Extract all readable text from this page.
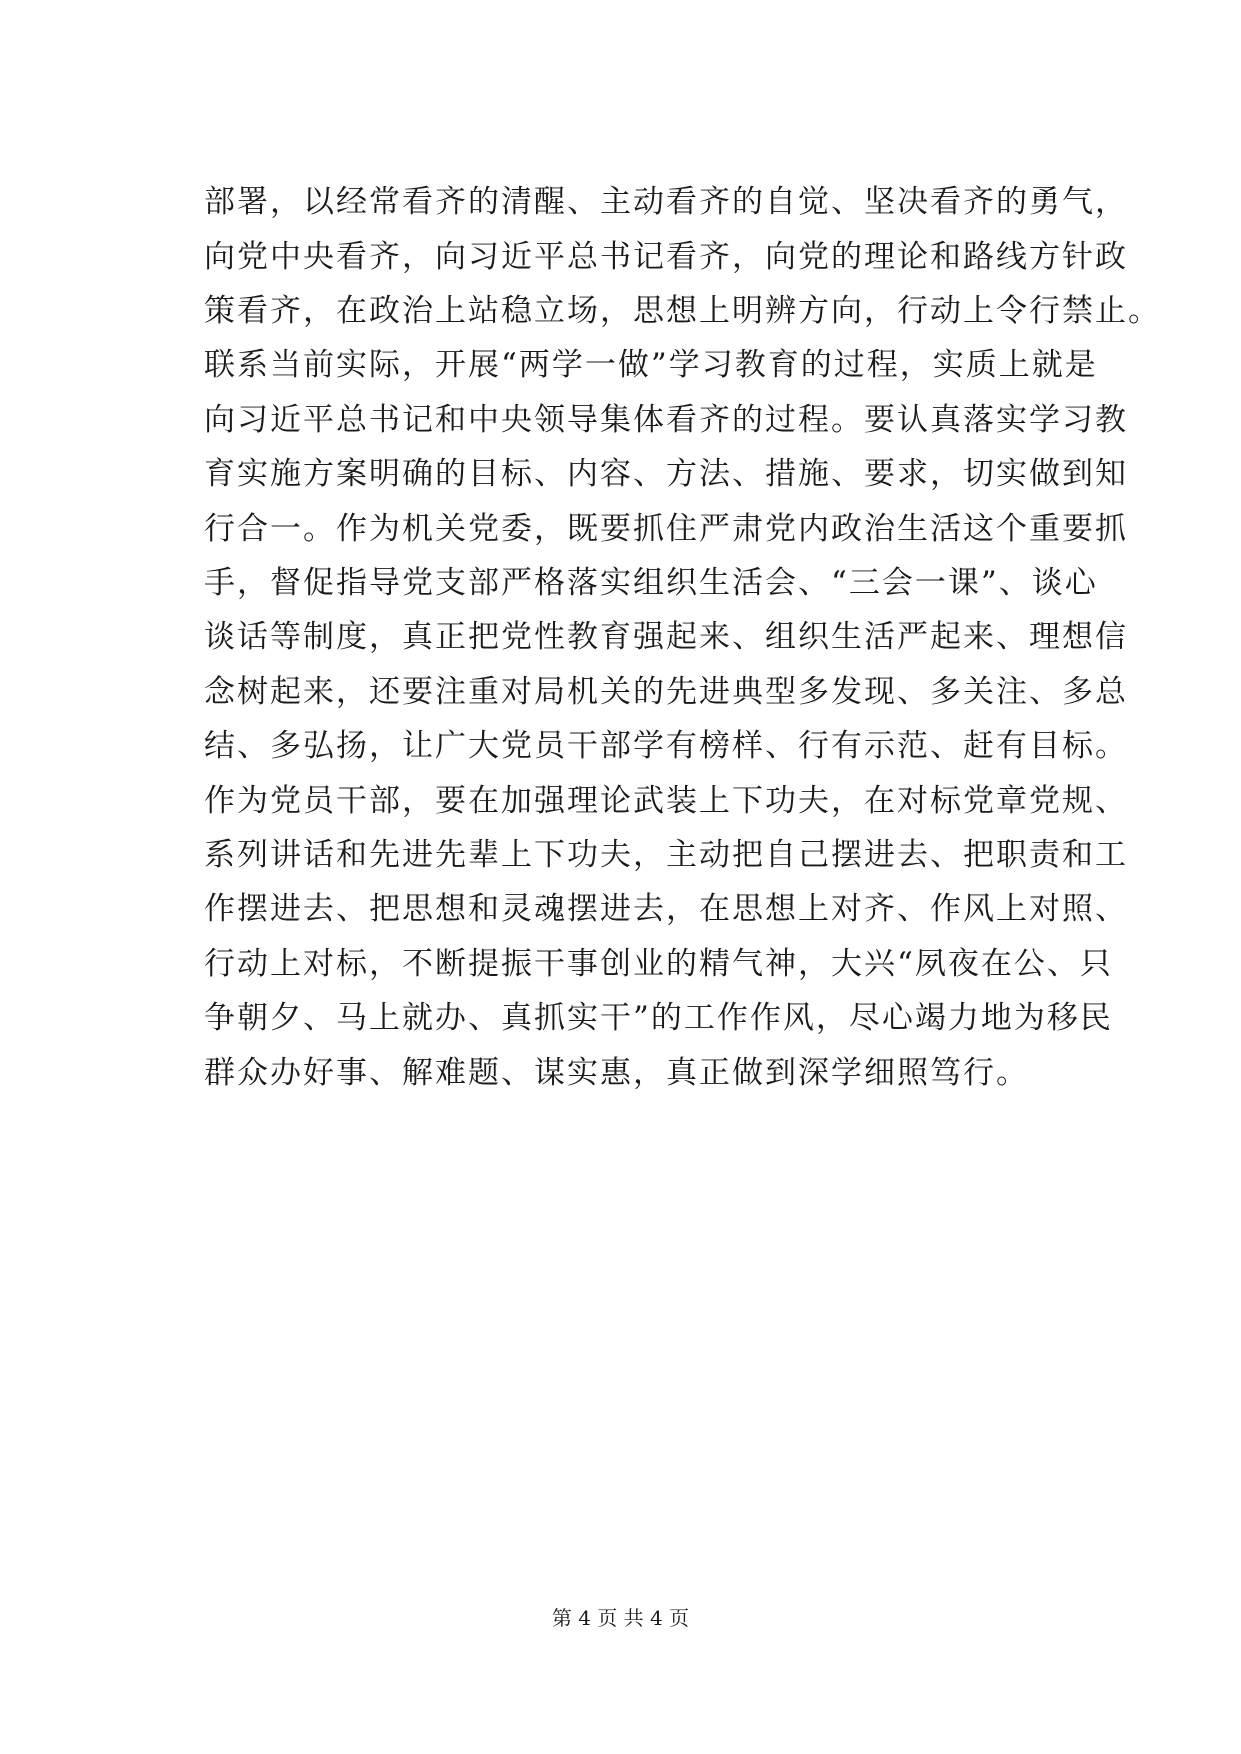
部署，以经常看齐的清醒、主动看齐的自觉、坚决看齐的勇气，
向党中央看齐，向习近平总书记看齐，向党的理论和路线方针政
策看齐，在政治上站稳立场，思想上明辨方向，行动上令行禁止。
联系当前实际，开展“两学一做”学习教育的过程，实质上就是
向习近平总书记和中央领导集体看齐的过程。要认真落实学习教
育实施方案明确的目标、内容、方法、措施、要求，切实做到知
行合一。作为机关党委，既要抓住严肃党内政治生活这个重要抓
手，督促指导党支部严格落实组织生活会、“三会一课”、谈心
谈话等制度，真正把党性教育强起来、组织生活严起来、理想信
念树起来，还要注重对局机关的先进典型多发现、多关注、多总
结、多弘扬，让广大党员干部学有榜样、行有示范、赶有目标。
作为党员干部，要在加强理论武装上下功夫，在对标党章党规、
系列讲话和先进先辈上下功夫，主动把自己摆进去、把职责和工
作摆进去、把思想和灵魂摆进去，在思想上对齐、作风上对照、
行动上对标，不断提振干事创业的精气神，大兴“夙夜在公、只
争朝夕、马上就办、真抓实干”的工作作风，尽心竭力地为移民
群众办好事、解难题、谋实惠，真正做到深学细照笃行。
第 4 页 共 4 页
